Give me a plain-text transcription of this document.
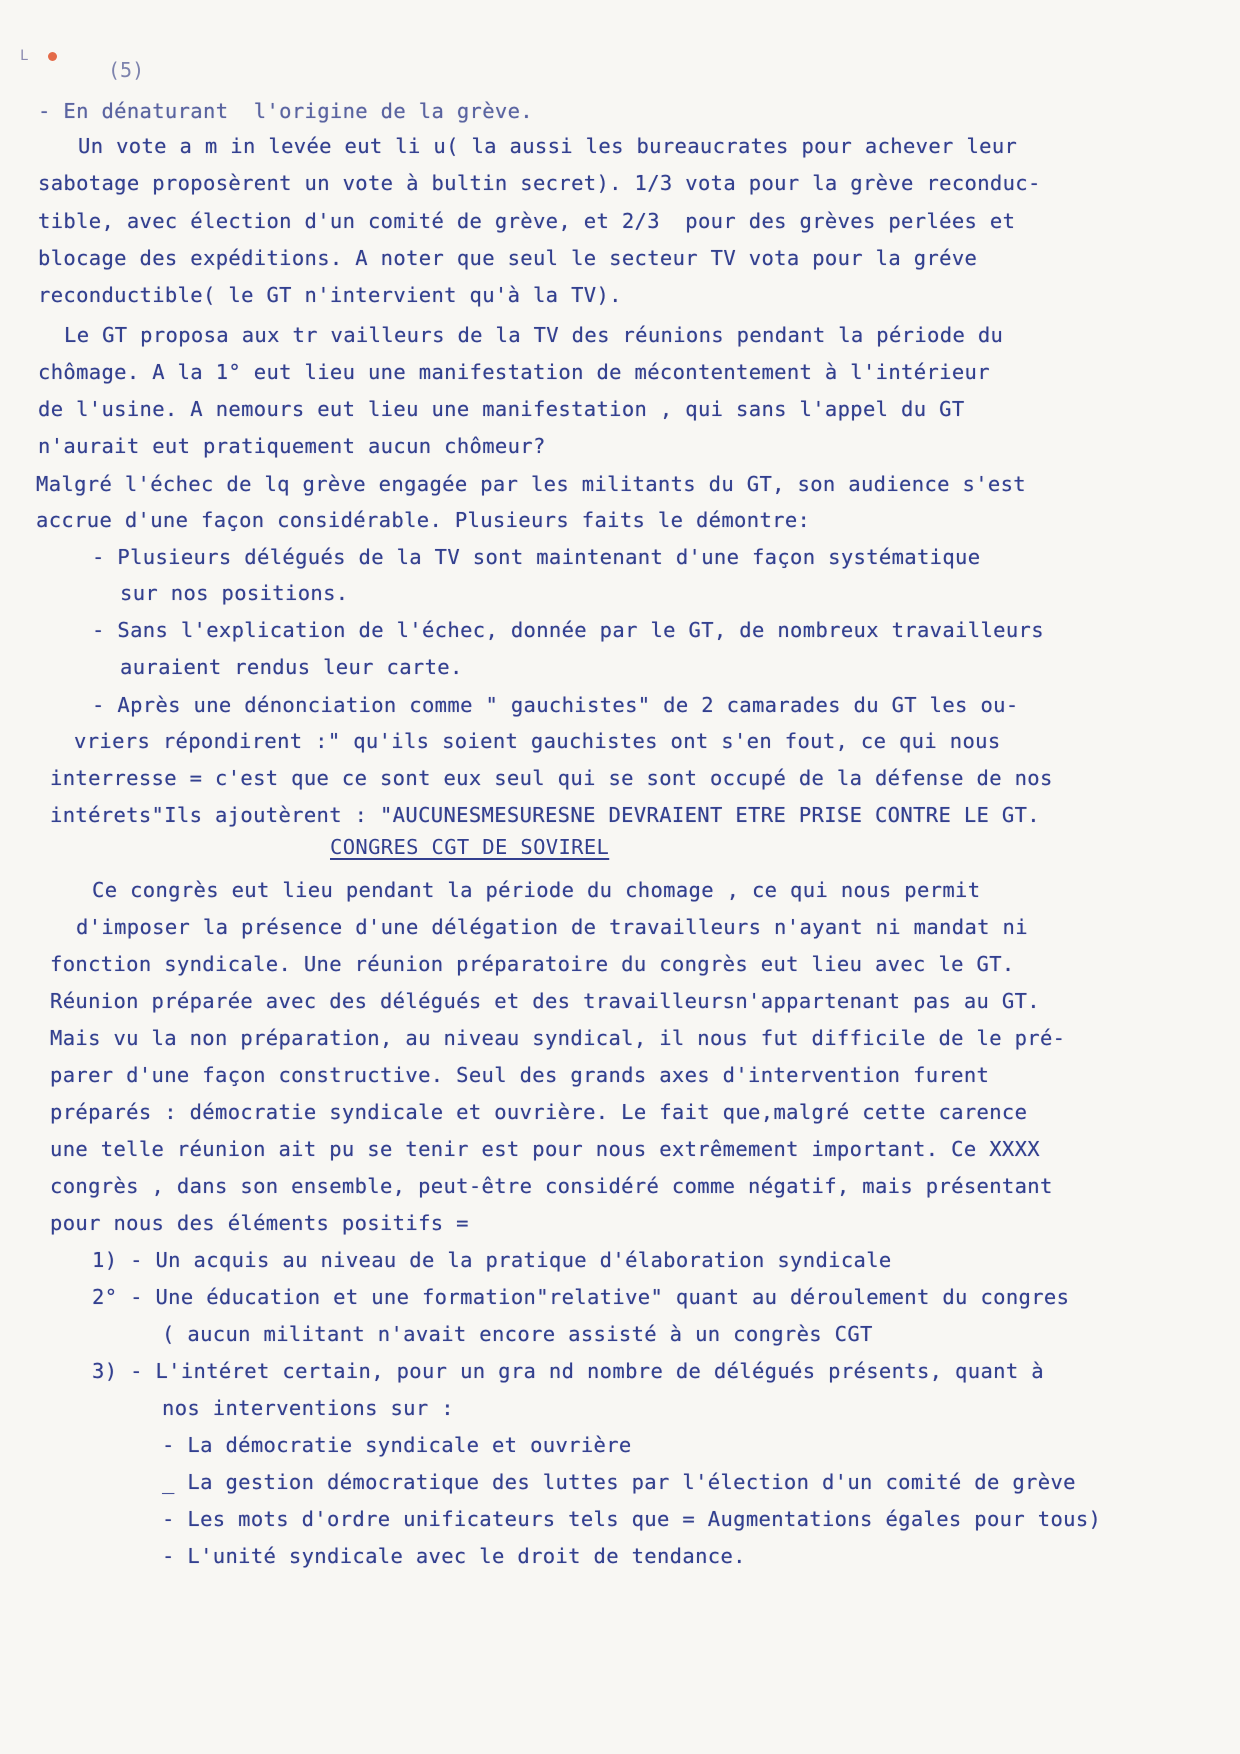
L
(5)
- En dénaturant  l'origine de la grève.
Un vote a m in levée eut li u( la aussi les bureaucrates pour achever leur
sabotage proposèrent un vote à bultin secret). 1/3 vota pour la grève reconduc-
tible, avec élection d'un comité de grève, et 2/3  pour des grèves perlées et
blocage des expéditions. A noter que seul le secteur TV vota pour la gréve
reconductible( le GT n'intervient qu'à la TV).
Le GT proposa aux tr vailleurs de la TV des réunions pendant la période du
chômage. A la 1° eut lieu une manifestation de mécontentement à l'intérieur
de l'usine. A nemours eut lieu une manifestation , qui sans l'appel du GT
n'aurait eut pratiquement aucun chômeur?
Malgré l'échec de lq grève engagée par les militants du GT, son audience s'est
accrue d'une façon considérable. Plusieurs faits le démontre:
- Plusieurs délégués de la TV sont maintenant d'une façon systématique
sur nos positions.
- Sans l'explication de l'échec, donnée par le GT, de nombreux travailleurs
auraient rendus leur carte.
- Après une dénonciation comme " gauchistes" de 2 camarades du GT les ou-
vriers répondirent :" qu'ils soient gauchistes ont s'en fout, ce qui nous
interresse = c'est que ce sont eux seul qui se sont occupé de la défense de nos
intérets"Ils ajoutèrent : "AUCUNESMESURESNE DEVRAIENT ETRE PRISE CONTRE LE GT.
CONGRES CGT DE SOVIREL
Ce congrès eut lieu pendant la période du chomage , ce qui nous permit
d'imposer la présence d'une délégation de travailleurs n'ayant ni mandat ni
fonction syndicale. Une réunion préparatoire du congrès eut lieu avec le GT.
Réunion préparée avec des délégués et des travailleursn'appartenant pas au GT.
Mais vu la non préparation, au niveau syndical, il nous fut difficile de le pré-
parer d'une façon constructive. Seul des grands axes d'intervention furent
préparés : démocratie syndicale et ouvrière. Le fait que,malgré cette carence
une telle réunion ait pu se tenir est pour nous extrêmement important. Ce XXXX
congrès , dans son ensemble, peut-être considéré comme négatif, mais présentant
pour nous des éléments positifs =
1) - Un acquis au niveau de la pratique d'élaboration syndicale
2° - Une éducation et une formation"relative" quant au déroulement du congres
( aucun militant n'avait encore assisté à un congrès CGT
3) - L'intéret certain, pour un gra nd nombre de délégués présents, quant à
nos interventions sur :
- La démocratie syndicale et ouvrière
_ La gestion démocratique des luttes par l'élection d'un comité de grève
- Les mots d'ordre unificateurs tels que = Augmentations égales pour tous)
- L'unité syndicale avec le droit de tendance.
